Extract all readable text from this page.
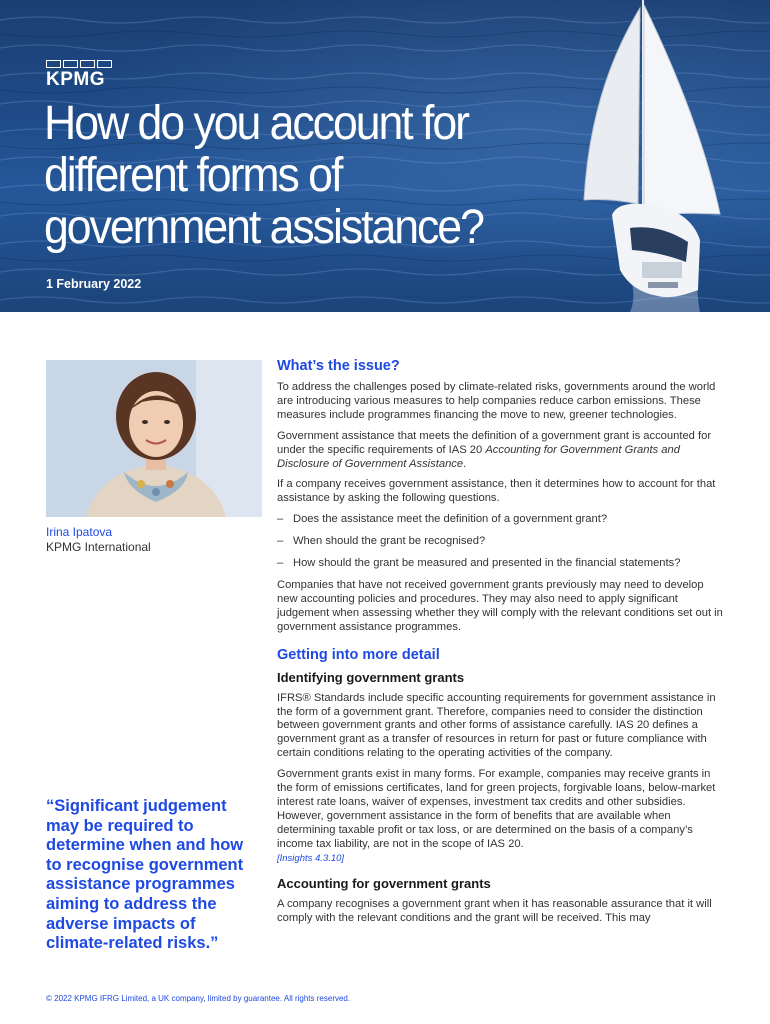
KPMG
How do you account for different forms of government assistance?
1 February 2022
Irina Ipatova
KPMG International

“Significant judgement may be required to determine when and how to recognise government assistance programmes aiming to address the adverse impacts of climate-related risks.”

What’s the issue?

To address the challenges posed by climate-related risks, governments around the world are introducing various measures to help companies reduce carbon emissions. These measures include programmes financing the move to new, greener technologies.

Government assistance that meets the definition of a government grant is accounted for under the specific requirements of IAS 20 Accounting for Government Grants and Disclosure of Government Assistance.

If a company receives government assistance, then it determines how to account for that assistance by asking the following questions.

– Does the assistance meet the definition of a government grant?
– When should the grant be recognised?
– How should the grant be measured and presented in the financial statements?

Companies that have not received government grants previously may need to develop new accounting policies and procedures. They may also need to apply significant judgement when assessing whether they will comply with the relevant conditions set out in government assistance programmes.

Getting into more detail
Identifying government grants

IFRS® Standards include specific accounting requirements for government assistance in the form of a government grant. Therefore, companies need to consider the distinction between government grants and other forms of assistance carefully. IAS 20 defines a government grant as a transfer of resources in return for past or future compliance with certain conditions relating to the operating activities of the company.

Government grants exist in many forms. For example, companies may receive grants in the form of emissions certificates, land for green projects, forgivable loans, below-market interest rate loans, waiver of expenses, investment tax credits and other subsidies. However, government assistance in the form of benefits that are available when determining taxable profit or tax loss, or are determined on the basis of a company’s income tax liability, are not in the scope of IAS 20.
[Insights 4.3.10]

Accounting for government grants

A company recognises a government grant when it has reasonable assurance that it will comply with the relevant conditions and the grant will be received. This may

© 2022 KPMG IFRG Limited, a UK company, limited by guarantee. All rights reserved.
